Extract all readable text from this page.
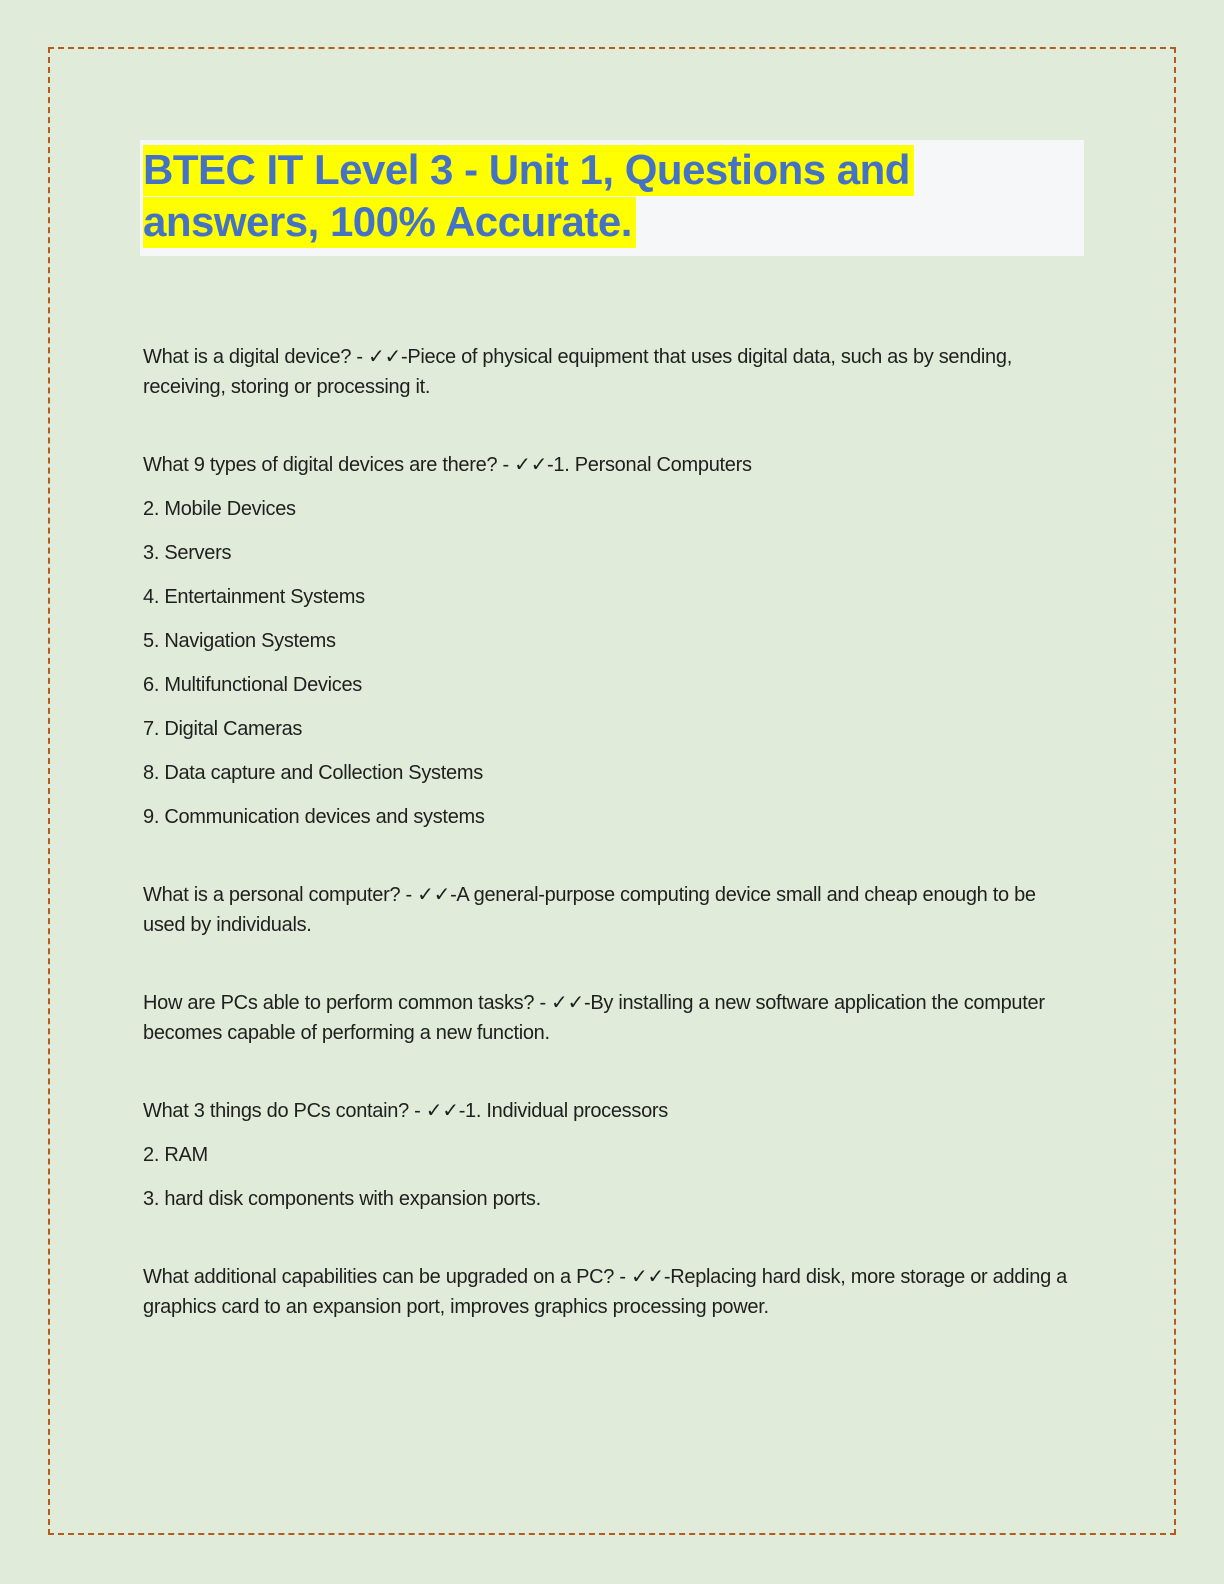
BTEC IT Level 3 - Unit 1, Questions and
answers, 100% Accurate.

What is a digital device? - ✓✓-Piece of physical equipment that uses digital data, such as by sending, receiving, storing or processing it.

What 9 types of digital devices are there? - ✓✓-1. Personal Computers

2. Mobile Devices

3. Servers

4. Entertainment Systems

5. Navigation Systems

6. Multifunctional Devices

7. Digital Cameras

8. Data capture and Collection Systems

9. Communication devices and systems

What is a personal computer? - ✓✓-A general-purpose computing device small and cheap enough to be used by individuals.

How are PCs able to perform common tasks? - ✓✓-By installing a new software application the computer becomes capable of performing a new function.

What 3 things do PCs contain? - ✓✓-1. Individual processors

2. RAM

3. hard disk components with expansion ports.

What additional capabilities can be upgraded on a PC? - ✓✓-Replacing hard disk, more storage or adding a graphics card to an expansion port, improves graphics processing power.
